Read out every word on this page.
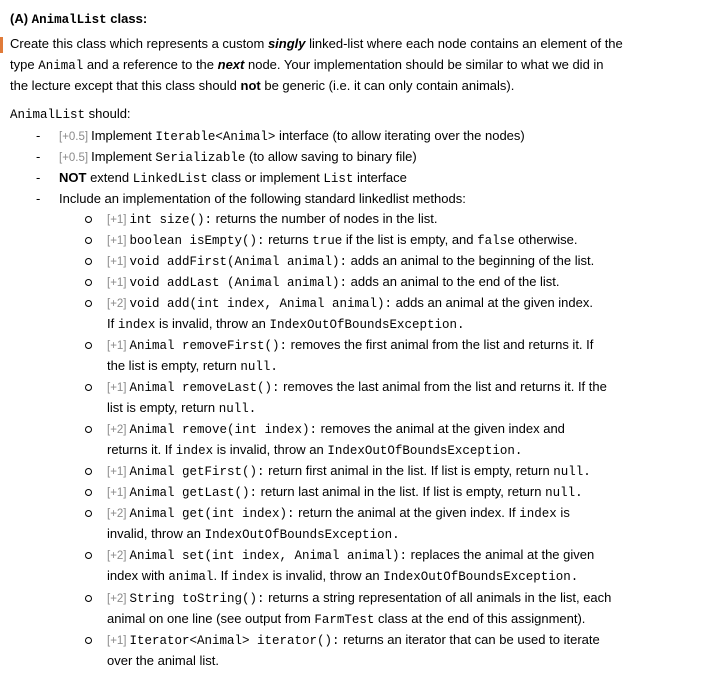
(A) AnimalList class:
Create this class which represents a custom singly linked-list where each node contains an element of the
type Animal and a reference to the next node. Your implementation should be similar to what we did in
the lecture except that this class should not be generic (i.e. it can only contain animals).
AnimalList should:
- [+0.5] Implement Iterable<Animal> interface (to allow iterating over the nodes)
- [+0.5] Implement Serializable (to allow saving to binary file)
- NOT extend LinkedList class or implement List interface
- Include an implementation of the following standard linkedlist methods:
[+1] int size(): returns the number of nodes in the list.
[+1] boolean isEmpty(): returns true if the list is empty, and false otherwise.
[+1] void addFirst(Animal animal): adds an animal to the beginning of the list.
[+1] void addLast (Animal animal): adds an animal to the end of the list.
[+2] void add(int index, Animal animal): adds an animal at the given index.
If index is invalid, throw an IndexOutOfBoundsException.
[+1] Animal removeFirst(): removes the first animal from the list and returns it. If
the list is empty, return null.
[+1] Animal removeLast(): removes the last animal from the list and returns it. If the
list is empty, return null.
[+2] Animal remove(int index): removes the animal at the given index and
returns it. If index is invalid, throw an IndexOutOfBoundsException.
[+1] Animal getFirst(): return first animal in the list. If list is empty, return null.
[+1] Animal getLast(): return last animal in the list. If list is empty, return null.
[+2] Animal get(int index): return the animal at the given index. If index is
invalid, throw an IndexOutOfBoundsException.
[+2] Animal set(int index, Animal animal): replaces the animal at the given
index with animal. If index is invalid, throw an IndexOutOfBoundsException.
[+2] String toString(): returns a string representation of all animals in the list, each
animal on one line (see output from FarmTest class at the end of this assignment).
[+1] Iterator<Animal> iterator(): returns an iterator that can be used to iterate
over the animal list.
